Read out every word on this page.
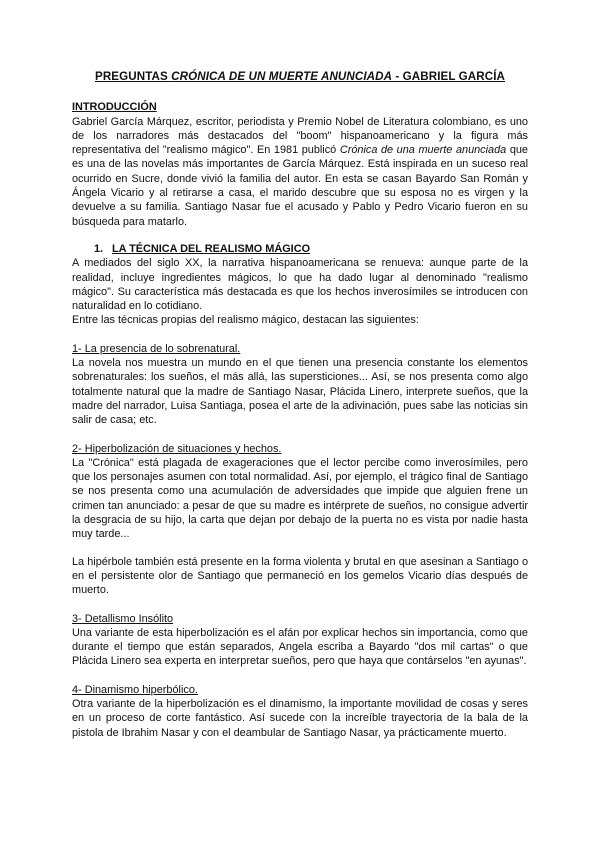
PREGUNTAS CRÓNICA DE UN MUERTE ANUNCIADA - GABRIEL GARCÍA
INTRODUCCIÓN

Gabriel García Márquez, escritor, periodista y Premio Nobel de Literatura colombiano, es uno de los narradores más destacados del "boom" hispanoamericano y la figura más representativa del "realismo mágico". En 1981 publicó Crónica de una muerte anunciada que es una de las novelas más importantes de García Márquez. Está inspirada en un suceso real ocurrido en Sucre, donde vivió la familia del autor. En esta se casan Bayardo San Román y Ángela Vicario y al retirarse a casa, el marido descubre que su esposa no es virgen y la devuelve a su familia. Santiago Nasar fue el acusado y Pablo y Pedro Vicario fueron en su búsqueda para matarlo.

1. LA TÉCNICA DEL REALISMO MÁGICO

A mediados del siglo XX, la narrativa hispanoamericana se renueva: aunque parte de la realidad, incluye ingredientes mágicos, lo que ha dado lugar al denominado "realismo mágico". Su característica más destacada es que los hechos inverosímiles se introducen con naturalidad en lo cotidiano.

Entre las técnicas propias del realismo mágico, destacan las siguientes:

1- La presencia de lo sobrenatural.

La novela nos muestra un mundo en el que tienen una presencia constante los elementos sobrenaturales: los sueños, el más allá, las supersticiones... Así, se nos presenta como algo totalmente natural que la madre de Santiago Nasar, Plácida Linero, interprete sueños, que la madre del narrador, Luisa Santiaga, posea el arte de la adivinación, pues sabe las noticias sin salir de casa; etc.

2- Hiperbolización de situaciones y hechos.

La "Crónica" está plagada de exageraciones que el lector percibe como inverosímiles, pero que los personajes asumen con total normalidad. Así, por ejemplo, el trágico final de Santiago se nos presenta como una acumulación de adversidades que impide que alguien frene un crimen tan anunciado: a pesar de que su madre es intérprete de sueños, no consigue advertir la desgracia de su hijo, la carta que dejan por debajo de la puerta no es vista por nadie hasta muy tarde...

La hipérbole también está presente en la forma violenta y brutal en que asesinan a Santiago o en el persistente olor de Santiago que permaneció en los gemelos Vicario días después de muerto.

3- Detallismo Insólito

Una variante de esta hiperbolización es el afán por explicar hechos sin importancia, como que durante el tiempo que están separados, Angela escriba a Bayardo "dos mil cartas" o que Plácida Linero sea experta en interpretar sueños, pero que haya que contárselos "en ayunas".

4- Dinamismo hiperbólico.

Otra variante de la hiperbolización es el dinamismo, la importante movilidad de cosas y seres en un proceso de corte fantástico. Así sucede con la increíble trayectoria de la bala de la pistola de Ibrahim Nasar y con el deambular de Santiago Nasar, ya prácticamente muerto.
